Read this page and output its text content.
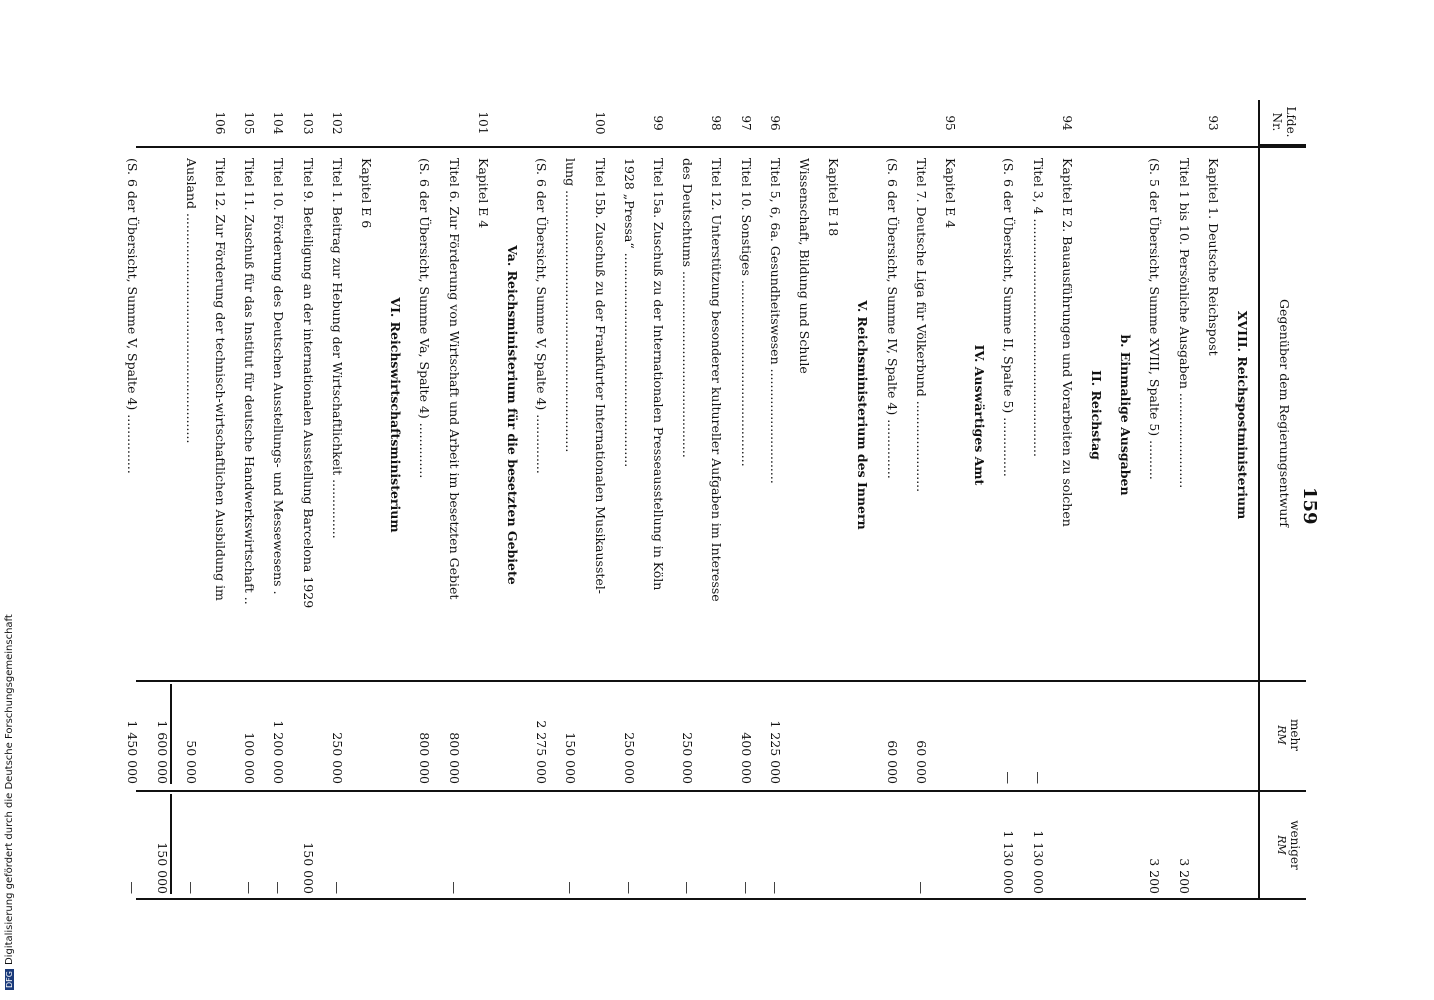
159
Lfde. Nr.
Gegenüber dem Regierungsentwurf
mehr
RM
weniger
RM
XVIII. Reichspostministerium
93
Kapitel 1. Deutsche Reichspost
Titel 1 bis 10. Persönliche Ausgaben ........................
3 200
(S. 5 der Übersicht, Summe XVIII, Spalte 5) ..........
3 200
b. Einmalige Ausgaben
II. Reichstag
94
Kapitel E 2. Bauausführungen und Vorarbeiten zu solchen
Titel 3, 4 ............................................................
—
1 130 000
(S. 6 der Übersicht, Summe II, Spalte 5) ...............
—
1 130 000
IV. Auswärtiges Amt
95
Kapitel E 4
Titel 7. Deutsche Liga für Völkerbund .......................
60 000
—
(S. 6 der Übersicht, Summe IV, Spalte 4) ...............
60 000
V. Reichsministerium des Innern
Kapitel E 18
Wissenschaft, Bildung und Schule
96
Titel 5, 6, 6a. Gesundheitswesen .............................
1 225 000
—
97
Titel 10. Sonstiges ...............................................
400 000
—
98
Titel 12. Unterstützung besonderer kultureller Aufgaben im Interesse
des Deutschtums ...............................................
250 000
—
99
Titel 15a. Zuschuß zu der Internationalen Presseausstellung in Köln
1928 „Pressa“ ......................................................
250 000
—
100
Titel 15b. Zuschuß zu der Frankfurter Internationalen Musikausstel-
lung ..................................................................
150 000
—
(S. 6 der Übersicht, Summe V, Spalte 4) ...............
2 275 000
Va. Reichsministerium für die besetzten Gebiete
101
Kapitel E 4
Titel 6. Zur Förderung von Wirtschaft und Arbeit im besetzten Gebiet
800 000
—
(S. 6 der Übersicht, Summe Va, Spalte 4) ..............
800 000
VI. Reichswirtschaftsministerium
Kapitel E 6
102
Titel 1. Beitrag zur Hebung der Wirtschaftlichkeit ...............
250 000
—
103
Titel 9. Beteiligung an der internationalen Ausstellung Barcelona 1929
150 000
104
Titel 10. Förderung des Deutschen Ausstellungs- und Messewesens .
1 200 000
—
105
Titel 11. Zuschuß für das Institut für deutsche Handwerkswirtschaft ..
100 000
—
106
Titel 12. Zur Förderung der technisch-wirtschaftlichen Ausbildung im
Ausland ..........................................................
50 000
—
1 600 000
150 000
(S. 6 der Übersicht, Summe V, Spalte 4) ...............
1 450 000
—
DFGDigitalisierung gefördert durch die Deutsche Forschungsgemeinschaft
